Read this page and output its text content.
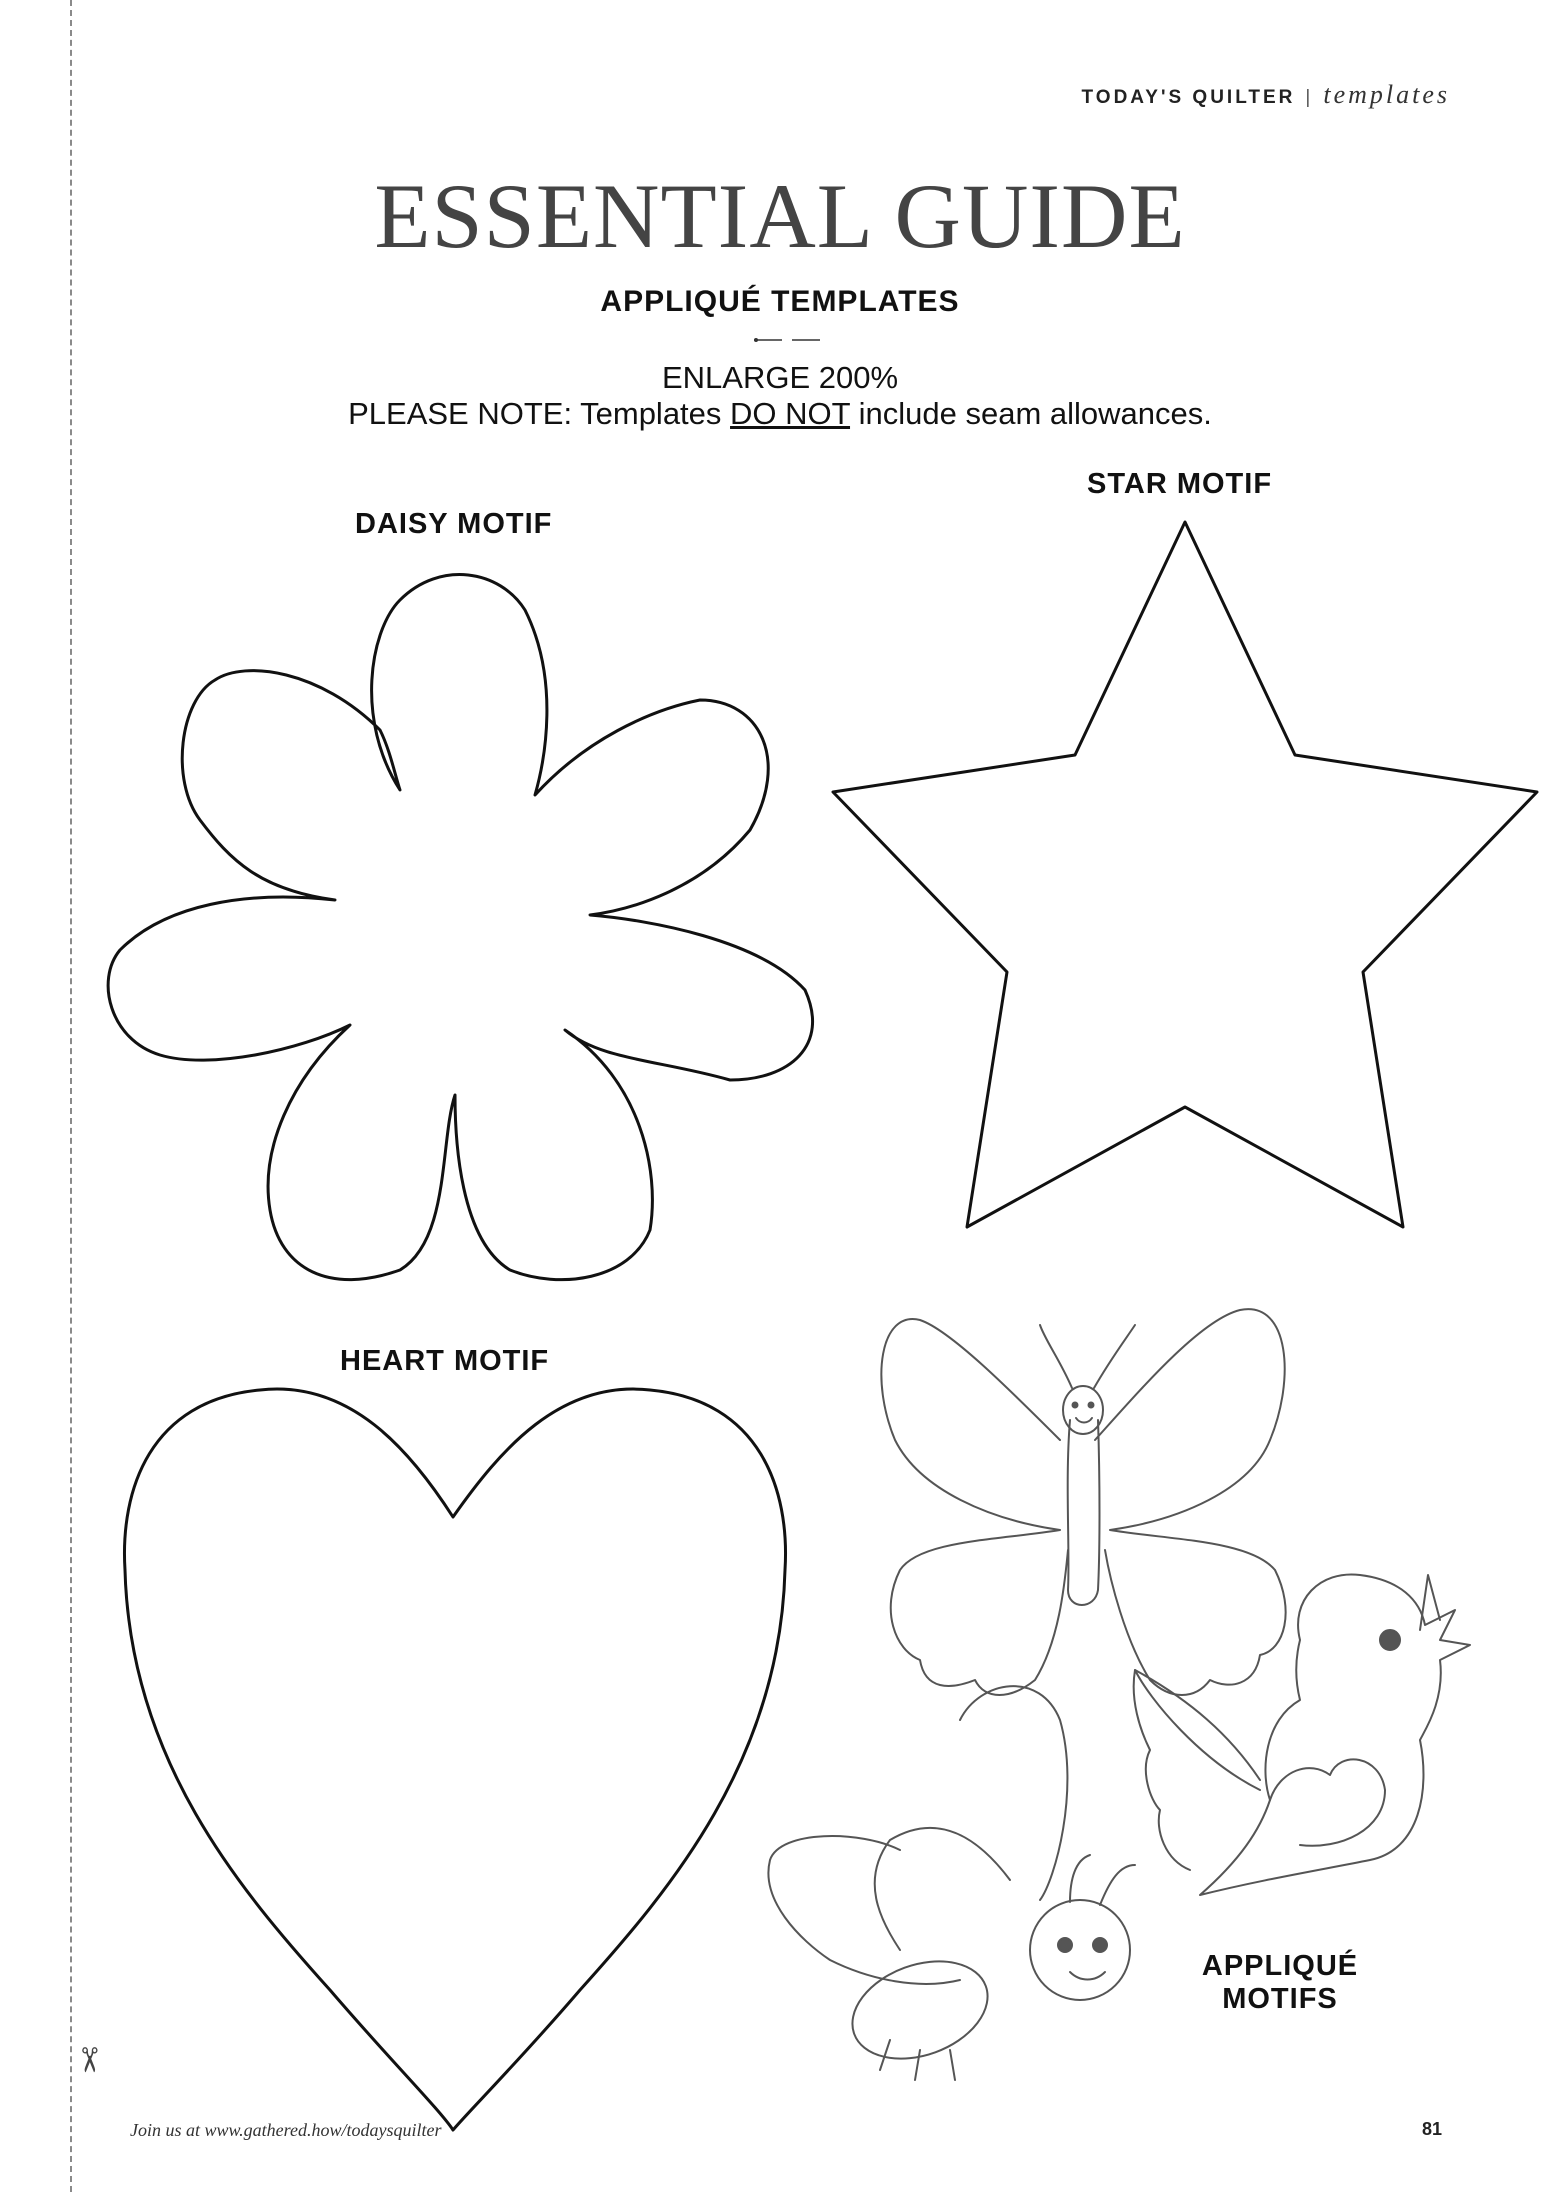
✂
TODAY'S QUILTER | templates
ESSENTIAL GUIDE
APPLIQUÉ TEMPLATES
ENLARGE 200%
PLEASE NOTE: Templates DO NOT include seam allowances.
DAISY MOTIF
STAR MOTIF
HEART MOTIF
APPLIQUÉ
MOTIFS
Join us at www.gathered.how/todaysquilter	81
